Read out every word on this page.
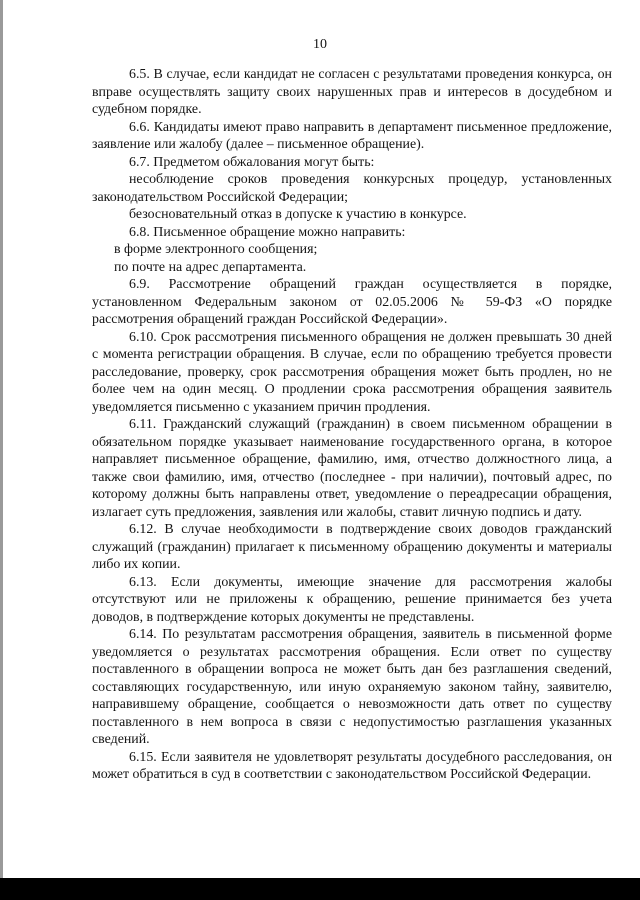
10

6.5. В случае, если кандидат не согласен с результатами проведения конкурса, он вправе осуществлять защиту своих нарушенных прав и интересов в досудебном и судебном порядке.

6.6. Кандидаты имеют право направить в департамент письменное предложение, заявление или жалобу (далее – письменное обращение).

6.7. Предметом обжалования могут быть:

несоблюдение сроков проведения конкурсных процедур, установленных законодательством Российской Федерации;

безосновательный отказ в допуске к участию в конкурсе.

6.8. Письменное обращение можно направить:

в форме электронного сообщения;

по почте на адрес департамента.

6.9. Рассмотрение обращений граждан осуществляется в порядке, установленном Федеральным законом от 02.05.2006 № 59-ФЗ «О порядке рассмотрения обращений граждан Российской Федерации».

6.10. Срок рассмотрения письменного обращения не должен превышать 30 дней с момента регистрации обращения. В случае, если по обращению требуется провести расследование, проверку, срок рассмотрения обращения может быть продлен, но не более чем на один месяц. О продлении срока рассмотрения обращения заявитель уведомляется письменно с указанием причин продления.

6.11. Гражданский служащий (гражданин) в своем письменном обращении в обязательном порядке указывает наименование государственного органа, в которое направляет письменное обращение, фамилию, имя, отчество должностного лица, а также свои фамилию, имя, отчество (последнее - при наличии), почтовый адрес, по которому должны быть направлены ответ, уведомление о переадресации обращения, излагает суть предложения, заявления или жалобы, ставит личную подпись и дату.

6.12. В случае необходимости в подтверждение своих доводов гражданский служащий (гражданин) прилагает к письменному обращению документы и материалы либо их копии.

6.13. Если документы, имеющие значение для рассмотрения жалобы отсутствуют или не приложены к обращению, решение принимается без учета доводов, в подтверждение которых документы не представлены.

6.14. По результатам рассмотрения обращения, заявитель в письменной форме уведомляется о результатах рассмотрения обращения. Если ответ по существу поставленного в обращении вопроса не может быть дан без разглашения сведений, составляющих государственную, или иную охраняемую законом тайну, заявителю, направившему обращение, сообщается о невозможности дать ответ по существу поставленного в нем вопроса в связи с недопустимостью разглашения указанных сведений.

6.15. Если заявителя не удовлетворят результаты досудебного расследования, он может обратиться в суд в соответствии с законодательством Российской Федерации.
